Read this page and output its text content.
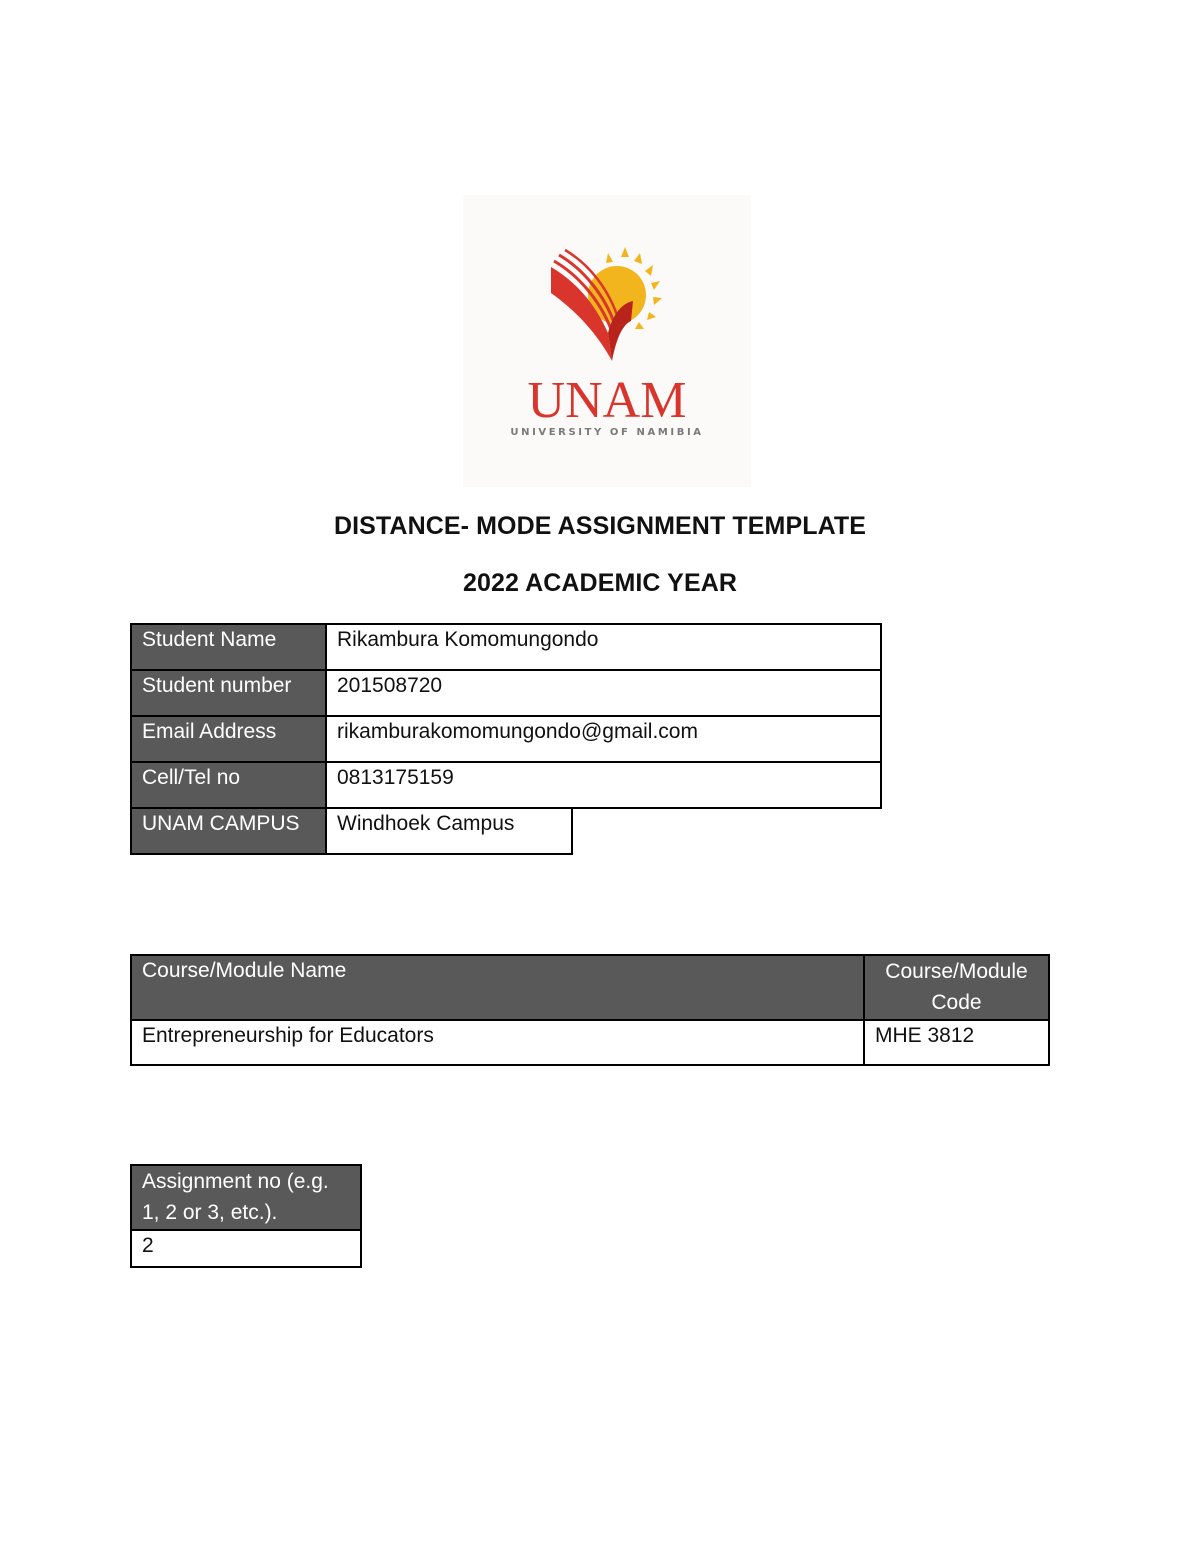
UNAM
UNIVERSITY OF NAMIBIA
DISTANCE- MODE ASSIGNMENT TEMPLATE
2022 ACADEMIC YEAR
Student Name	Rikambura Komomungondo	
Student number	201508720	
Email Address	rikamburakomomungondo@gmail.com	
Cell/Tel no	0813175159	
UNAM CAMPUS	Windhoek Campus	
Course/Module Name	Course/Module Code
Entrepreneurship for Educators	MHE 3812
Assignment no (e.g. 1, 2 or 3, etc.).
2
